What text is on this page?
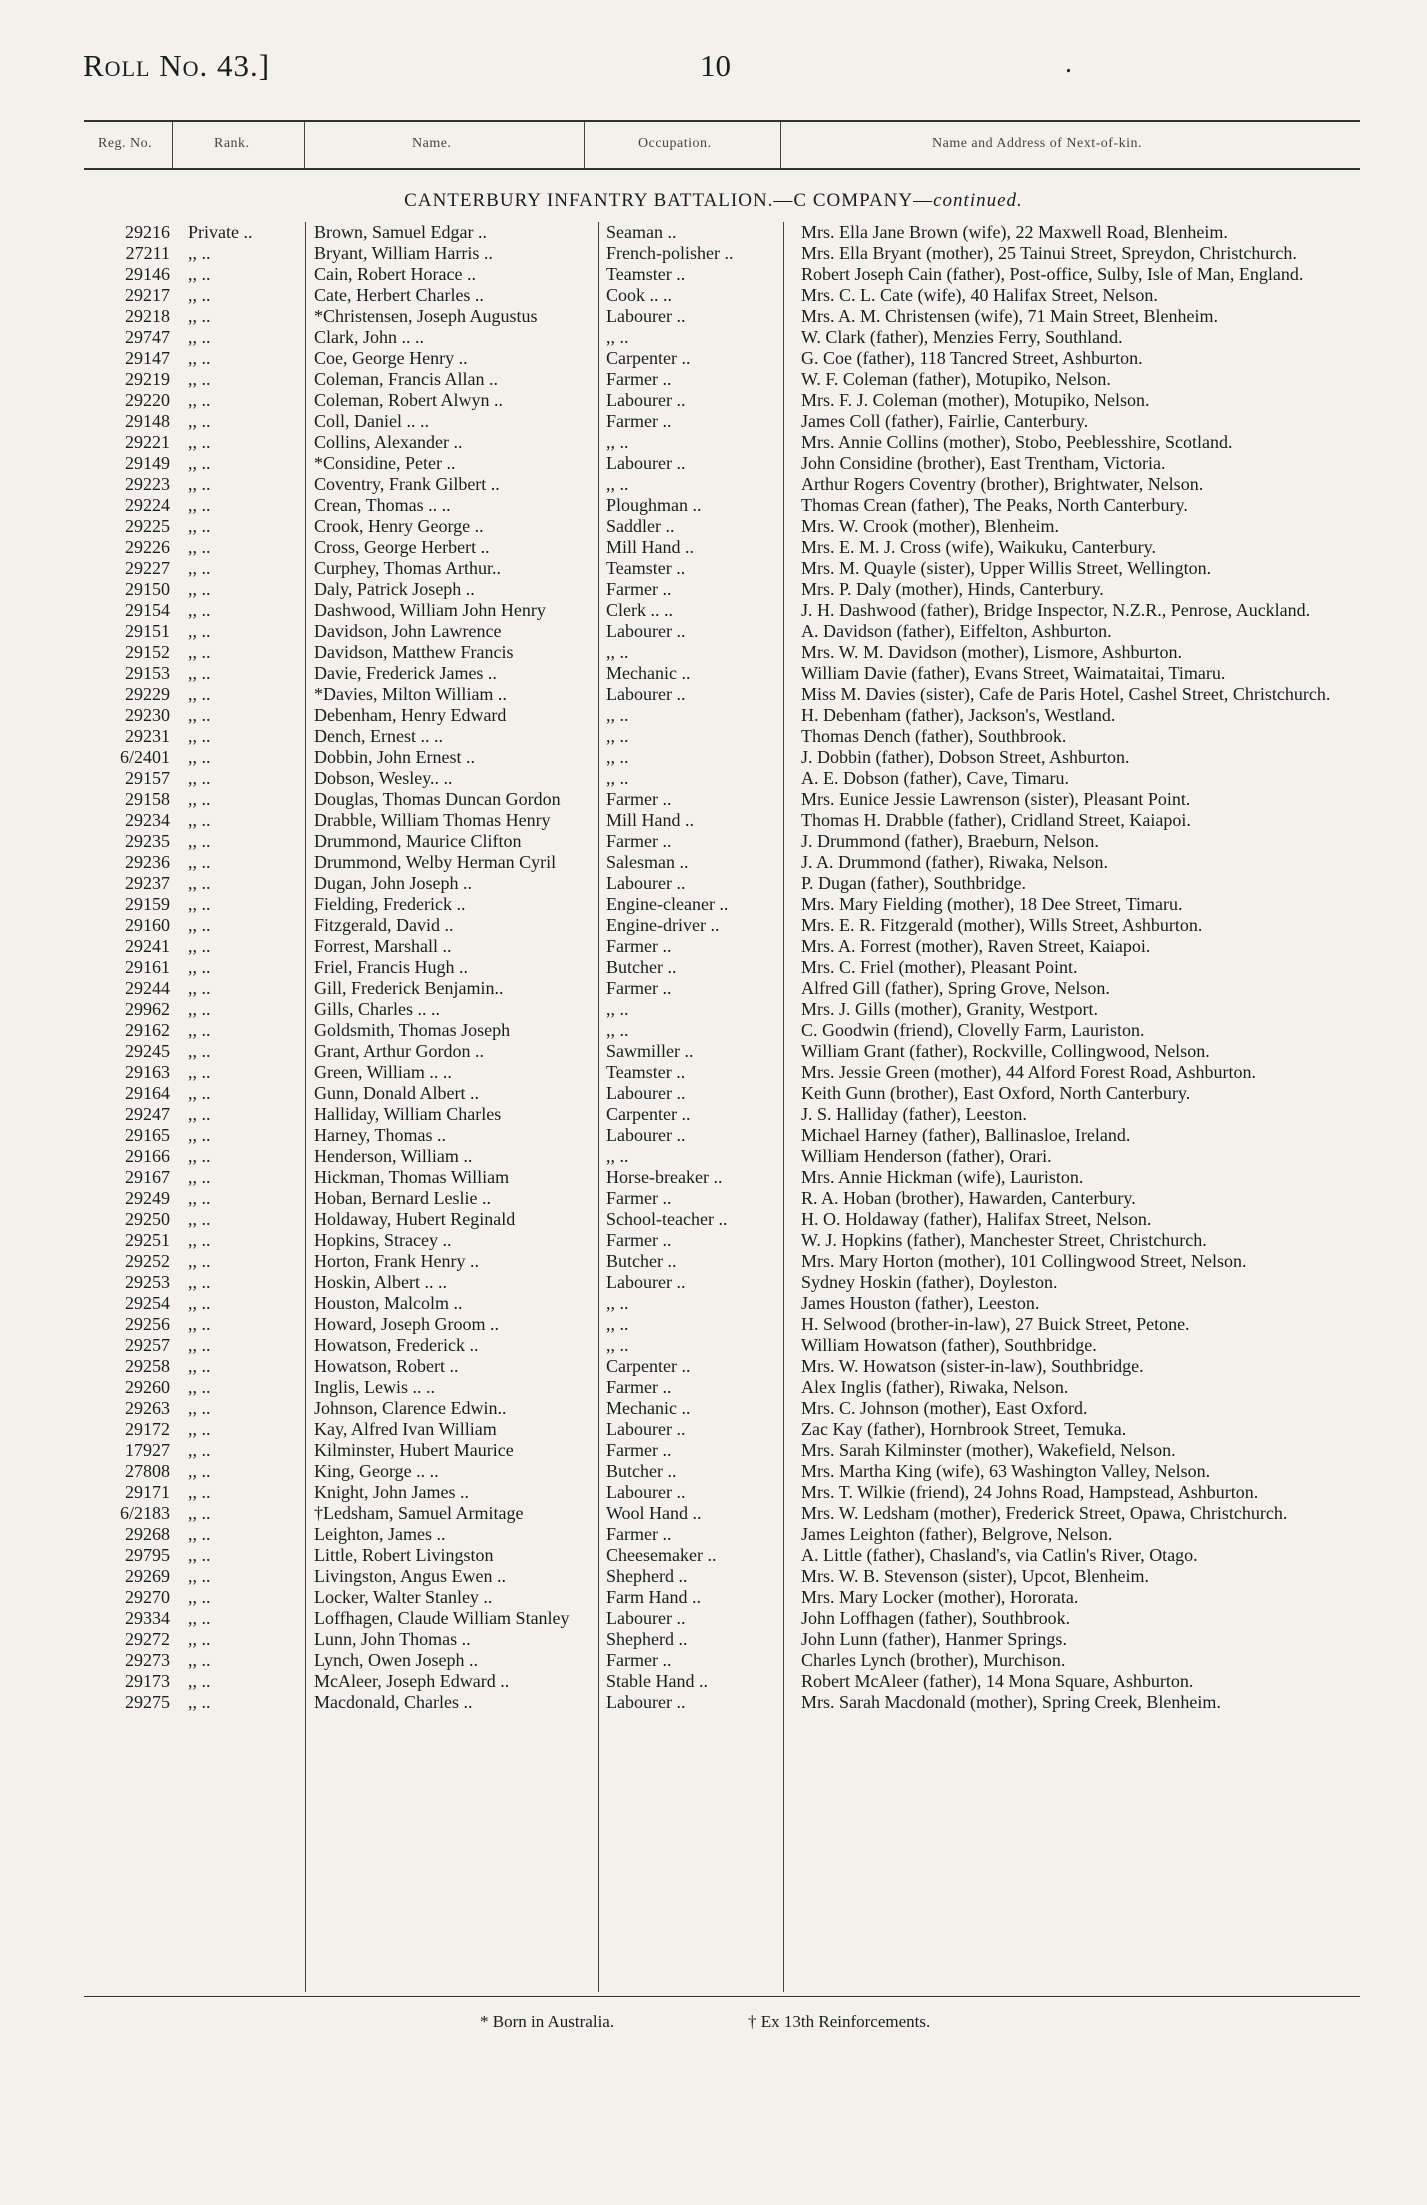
Roll No. 43.]	10	.
Reg. No.	Rank.	Name.	Occupation.	Name and Address of Next-of-kin.
CANTERBURY INFANTRY BATTALION.—C COMPANY—continued.
29216	Private ..	Brown, Samuel Edgar ..	Seaman ..	Mrs. Ella Jane Brown (wife), 22 Maxwell Road, Blenheim.
27211	,, ..	Bryant, William Harris ..	French-polisher ..	Mrs. Ella Bryant (mother), 25 Tainui Street, Spreydon, Christchurch.
29146	,, ..	Cain, Robert Horace ..	Teamster ..	Robert Joseph Cain (father), Post-office, Sulby, Isle of Man, England.
29217	,, ..	Cate, Herbert Charles ..	Cook .. ..	Mrs. C. L. Cate (wife), 40 Halifax Street, Nelson.
29218	,, ..	*Christensen, Joseph Augustus	Labourer ..	Mrs. A. M. Christensen (wife), 71 Main Street, Blenheim.
29747	,, ..	Clark, John .. ..	,, ..	W. Clark (father), Menzies Ferry, Southland.
29147	,, ..	Coe, George Henry ..	Carpenter ..	G. Coe (father), 118 Tancred Street, Ashburton.
29219	,, ..	Coleman, Francis Allan ..	Farmer ..	W. F. Coleman (father), Motupiko, Nelson.
29220	,, ..	Coleman, Robert Alwyn ..	Labourer ..	Mrs. F. J. Coleman (mother), Motupiko, Nelson.
29148	,, ..	Coll, Daniel .. ..	Farmer ..	James Coll (father), Fairlie, Canterbury.
29221	,, ..	Collins, Alexander ..	,, ..	Mrs. Annie Collins (mother), Stobo, Peeblesshire, Scotland.
29149	,, ..	*Considine, Peter ..	Labourer ..	John Considine (brother), East Trentham, Victoria.
29223	,, ..	Coventry, Frank Gilbert ..	,, ..	Arthur Rogers Coventry (brother), Brightwater, Nelson.
29224	,, ..	Crean, Thomas .. ..	Ploughman ..	Thomas Crean (father), The Peaks, North Canterbury.
29225	,, ..	Crook, Henry George ..	Saddler ..	Mrs. W. Crook (mother), Blenheim.
29226	,, ..	Cross, George Herbert ..	Mill Hand ..	Mrs. E. M. J. Cross (wife), Waikuku, Canterbury.
29227	,, ..	Curphey, Thomas Arthur..	Teamster ..	Mrs. M. Quayle (sister), Upper Willis Street, Wellington.
29150	,, ..	Daly, Patrick Joseph ..	Farmer ..	Mrs. P. Daly (mother), Hinds, Canterbury.
29154	,, ..	Dashwood, William John Henry	Clerk .. ..	J. H. Dashwood (father), Bridge Inspector, N.Z.R., Penrose, Auckland.
29151	,, ..	Davidson, John Lawrence	Labourer ..	A. Davidson (father), Eiffelton, Ashburton.
29152	,, ..	Davidson, Matthew Francis	,, ..	Mrs. W. M. Davidson (mother), Lismore, Ashburton.
29153	,, ..	Davie, Frederick James ..	Mechanic ..	William Davie (father), Evans Street, Waimataitai, Timaru.
29229	,, ..	*Davies, Milton William ..	Labourer ..	Miss M. Davies (sister), Cafe de Paris Hotel, Cashel Street, Christchurch.
29230	,, ..	Debenham, Henry Edward	,, ..	H. Debenham (father), Jackson's, Westland.
29231	,, ..	Dench, Ernest .. ..	,, ..	Thomas Dench (father), Southbrook.
6/2401	,, ..	Dobbin, John Ernest ..	,, ..	J. Dobbin (father), Dobson Street, Ashburton.
29157	,, ..	Dobson, Wesley.. ..	,, ..	A. E. Dobson (father), Cave, Timaru.
29158	,, ..	Douglas, Thomas Duncan Gordon	Farmer ..	Mrs. Eunice Jessie Lawrenson (sister), Pleasant Point.
29234	,, ..	Drabble, William Thomas Henry	Mill Hand ..	Thomas H. Drabble (father), Cridland Street, Kaiapoi.
29235	,, ..	Drummond, Maurice Clifton	Farmer ..	J. Drummond (father), Braeburn, Nelson.
29236	,, ..	Drummond, Welby Herman Cyril	Salesman ..	J. A. Drummond (father), Riwaka, Nelson.
29237	,, ..	Dugan, John Joseph ..	Labourer ..	P. Dugan (father), Southbridge.
29159	,, ..	Fielding, Frederick ..	Engine-cleaner ..	Mrs. Mary Fielding (mother), 18 Dee Street, Timaru.
29160	,, ..	Fitzgerald, David ..	Engine-driver ..	Mrs. E. R. Fitzgerald (mother), Wills Street, Ashburton.
29241	,, ..	Forrest, Marshall ..	Farmer ..	Mrs. A. Forrest (mother), Raven Street, Kaiapoi.
29161	,, ..	Friel, Francis Hugh ..	Butcher ..	Mrs. C. Friel (mother), Pleasant Point.
29244	,, ..	Gill, Frederick Benjamin..	Farmer ..	Alfred Gill (father), Spring Grove, Nelson.
29962	,, ..	Gills, Charles .. ..	,, ..	Mrs. J. Gills (mother), Granity, Westport.
29162	,, ..	Goldsmith, Thomas Joseph	,, ..	C. Goodwin (friend), Clovelly Farm, Lauriston.
29245	,, ..	Grant, Arthur Gordon ..	Sawmiller ..	William Grant (father), Rockville, Collingwood, Nelson.
29163	,, ..	Green, William .. ..	Teamster ..	Mrs. Jessie Green (mother), 44 Alford Forest Road, Ashburton.
29164	,, ..	Gunn, Donald Albert ..	Labourer ..	Keith Gunn (brother), East Oxford, North Canterbury.
29247	,, ..	Halliday, William Charles	Carpenter ..	J. S. Halliday (father), Leeston.
29165	,, ..	Harney, Thomas ..	Labourer ..	Michael Harney (father), Ballinasloe, Ireland.
29166	,, ..	Henderson, William ..	,, ..	William Henderson (father), Orari.
29167	,, ..	Hickman, Thomas William	Horse-breaker ..	Mrs. Annie Hickman (wife), Lauriston.
29249	,, ..	Hoban, Bernard Leslie ..	Farmer ..	R. A. Hoban (brother), Hawarden, Canterbury.
29250	,, ..	Holdaway, Hubert Reginald	School-teacher ..	H. O. Holdaway (father), Halifax Street, Nelson.
29251	,, ..	Hopkins, Stracey ..	Farmer ..	W. J. Hopkins (father), Manchester Street, Christchurch.
29252	,, ..	Horton, Frank Henry ..	Butcher ..	Mrs. Mary Horton (mother), 101 Collingwood Street, Nelson.
29253	,, ..	Hoskin, Albert .. ..	Labourer ..	Sydney Hoskin (father), Doyleston.
29254	,, ..	Houston, Malcolm ..	,, ..	James Houston (father), Leeston.
29256	,, ..	Howard, Joseph Groom ..	,, ..	H. Selwood (brother-in-law), 27 Buick Street, Petone.
29257	,, ..	Howatson, Frederick ..	,, ..	William Howatson (father), Southbridge.
29258	,, ..	Howatson, Robert ..	Carpenter ..	Mrs. W. Howatson (sister-in-law), Southbridge.
29260	,, ..	Inglis, Lewis .. ..	Farmer ..	Alex Inglis (father), Riwaka, Nelson.
29263	,, ..	Johnson, Clarence Edwin..	Mechanic ..	Mrs. C. Johnson (mother), East Oxford.
29172	,, ..	Kay, Alfred Ivan William	Labourer ..	Zac Kay (father), Hornbrook Street, Temuka.
17927	,, ..	Kilminster, Hubert Maurice	Farmer ..	Mrs. Sarah Kilminster (mother), Wakefield, Nelson.
27808	,, ..	King, George .. ..	Butcher ..	Mrs. Martha King (wife), 63 Washington Valley, Nelson.
29171	,, ..	Knight, John James ..	Labourer ..	Mrs. T. Wilkie (friend), 24 Johns Road, Hampstead, Ashburton.
6/2183	,, ..	†Ledsham, Samuel Armitage	Wool Hand ..	Mrs. W. Ledsham (mother), Frederick Street, Opawa, Christchurch.
29268	,, ..	Leighton, James ..	Farmer ..	James Leighton (father), Belgrove, Nelson.
29795	,, ..	Little, Robert Livingston	Cheesemaker ..	A. Little (father), Chasland's, via Catlin's River, Otago.
29269	,, ..	Livingston, Angus Ewen ..	Shepherd ..	Mrs. W. B. Stevenson (sister), Upcot, Blenheim.
29270	,, ..	Locker, Walter Stanley ..	Farm Hand ..	Mrs. Mary Locker (mother), Hororata.
29334	,, ..	Loffhagen, Claude William Stanley	Labourer ..	John Loffhagen (father), Southbrook.
29272	,, ..	Lunn, John Thomas ..	Shepherd ..	John Lunn (father), Hanmer Springs.
29273	,, ..	Lynch, Owen Joseph ..	Farmer ..	Charles Lynch (brother), Murchison.
29173	,, ..	McAleer, Joseph Edward ..	Stable Hand ..	Robert McAleer (father), 14 Mona Square, Ashburton.
29275	,, ..	Macdonald, Charles ..	Labourer ..	Mrs. Sarah Macdonald (mother), Spring Creek, Blenheim.
* Born in Australia.	† Ex 13th Reinforcements.
